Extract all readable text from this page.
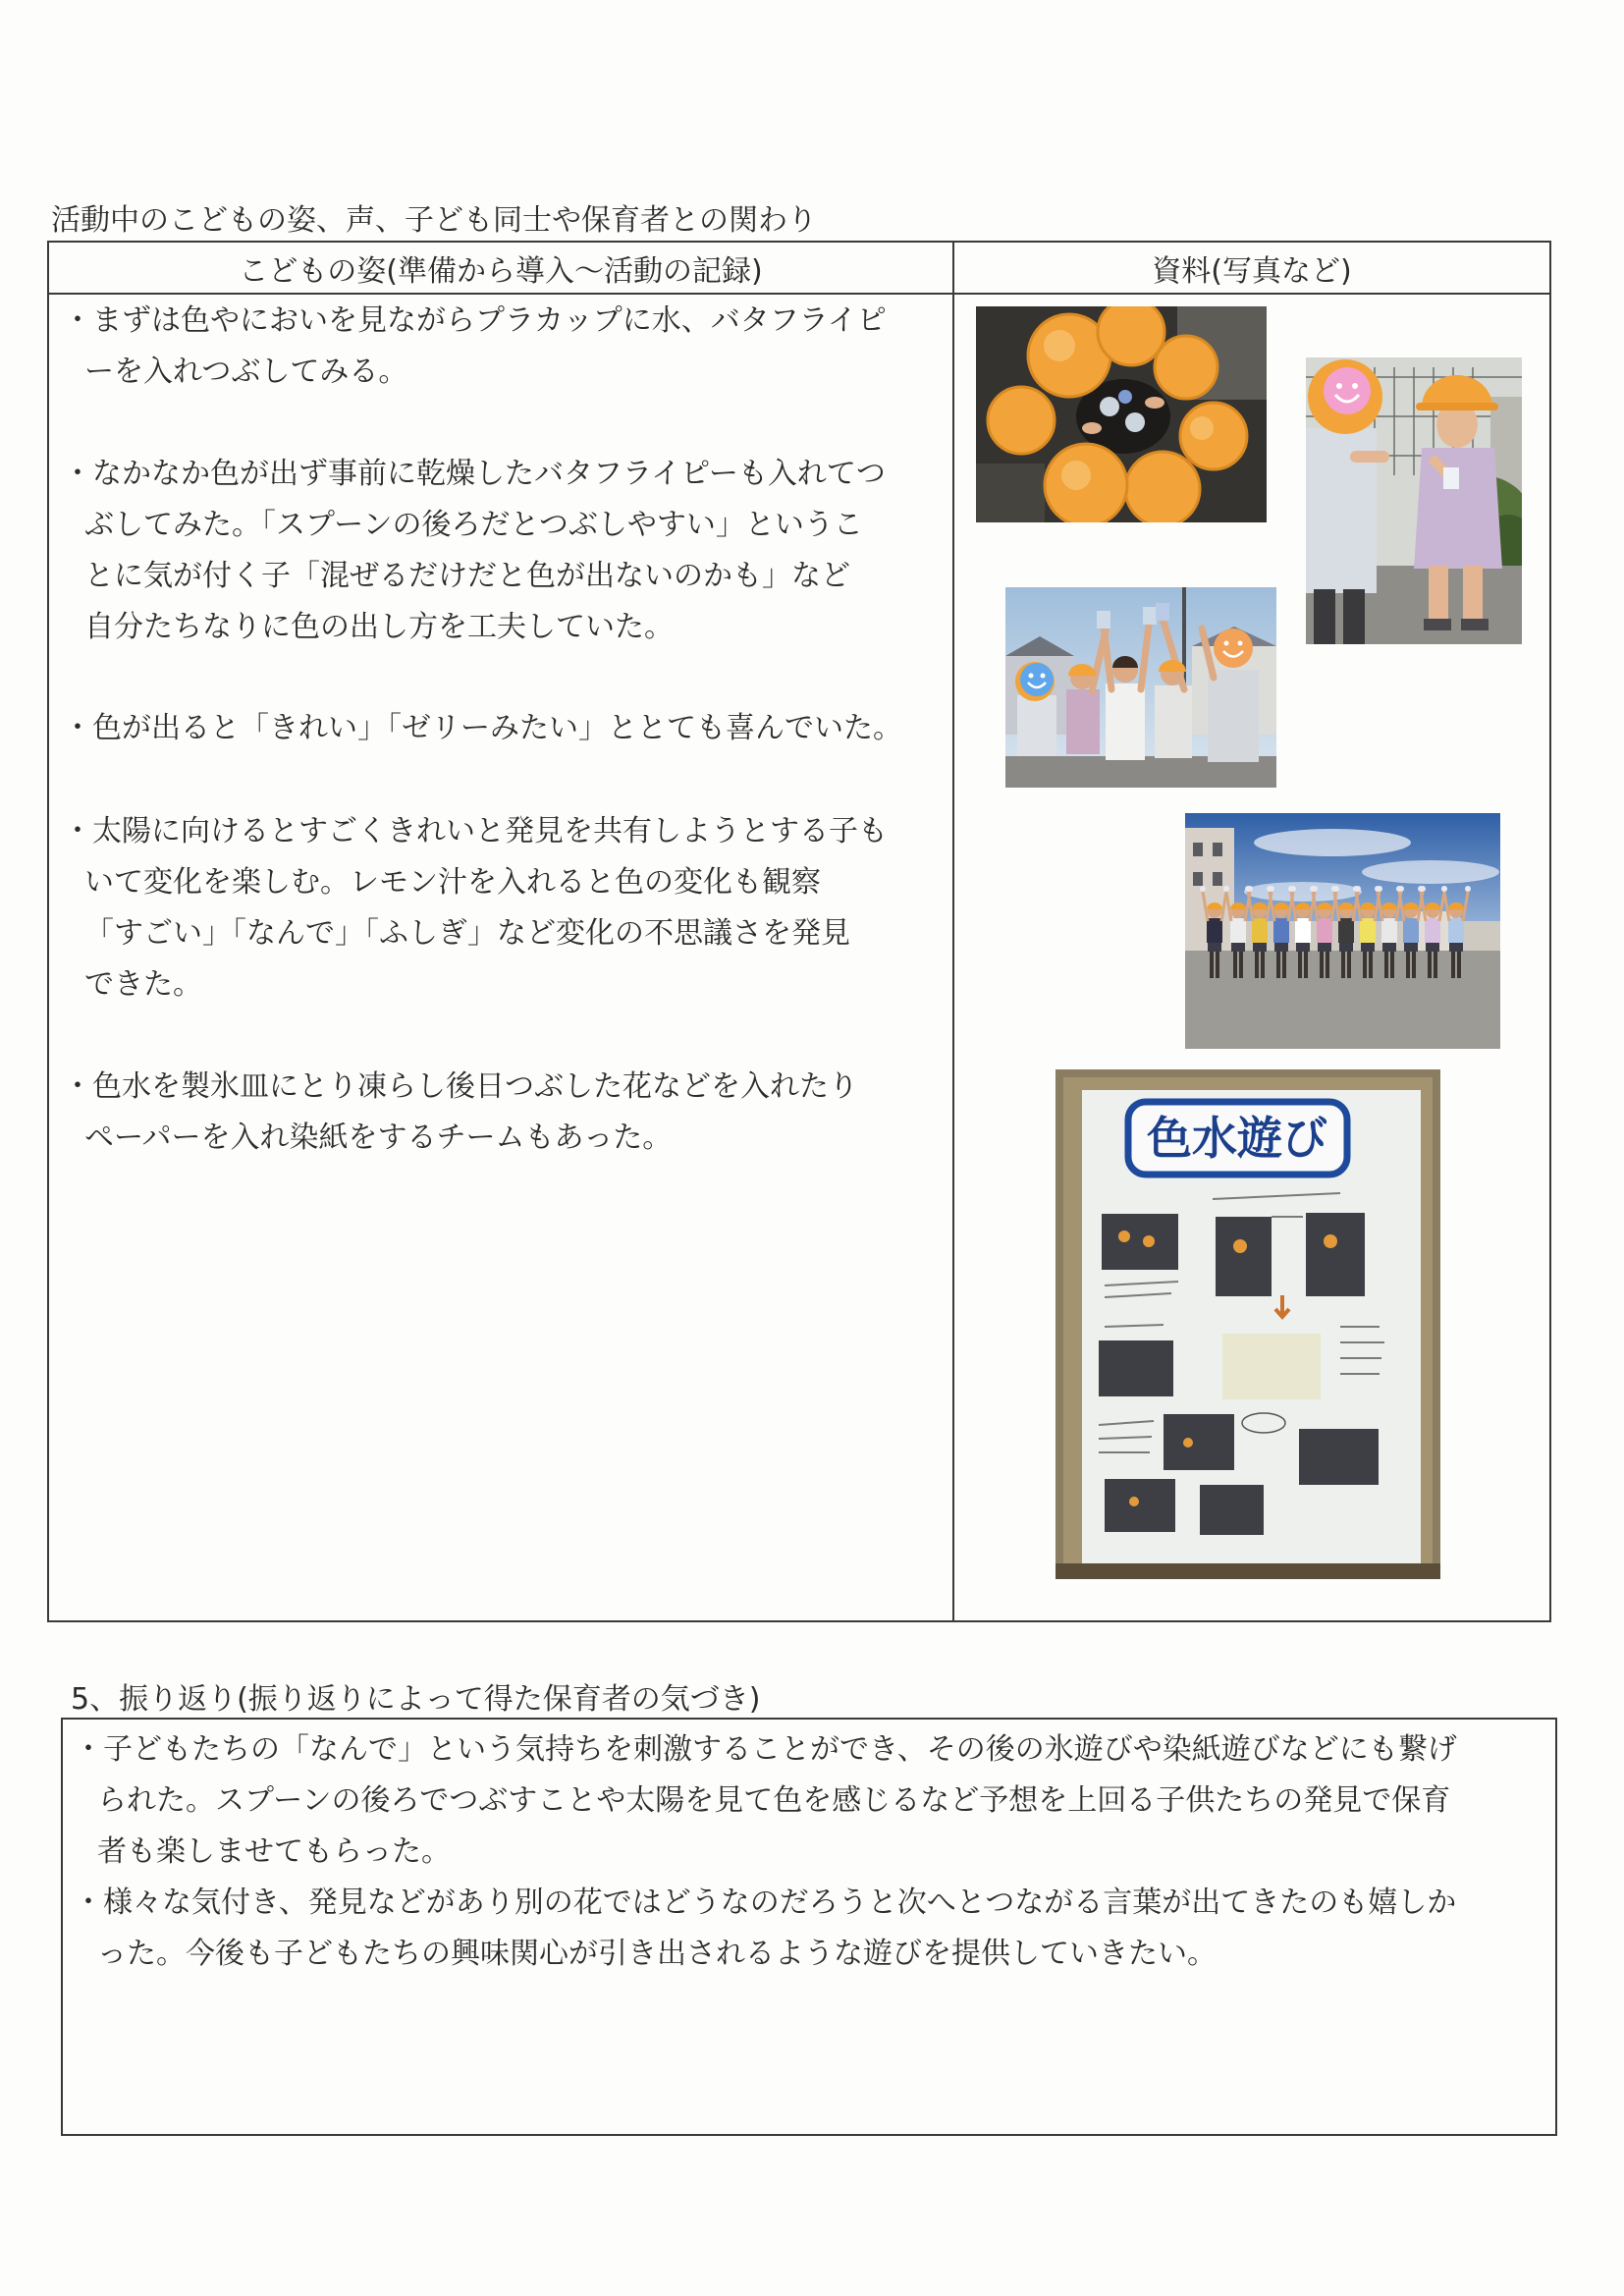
活動中のこどもの姿、声、子ども同士や保育者との関わり
こどもの姿(準備から導入～活動の記録)	資料(写真など)
・まずは色やにおいを見ながらプラカップに水、バタフライピ
ーを入れつぶしてみる。
・なかなか色が出ず事前に乾燥したバタフライピーも入れてつ
ぶしてみた。「スプーンの後ろだとつぶしやすい」というこ
とに気が付く子「混ぜるだけだと色が出ないのかも」など
自分たちなりに色の出し方を工夫していた。
・色が出ると「きれい」「ゼリーみたい」ととても喜んでいた。
・太陽に向けるとすごくきれいと発見を共有しようとする子も
いて変化を楽しむ。レモン汁を入れると色の変化も観察
「すごい」「なんで」「ふしぎ」など変化の不思議さを発見
できた。
・色水を製氷皿にとり凍らし後日つぶした花などを入れたり
ペーパーを入れ染紙をするチームもあった。	色水遊び
5、振り返り(振り返りによって得た保育者の気づき)
・子どもたちの「なんで」という気持ちを刺激することができ、その後の氷遊びや染紙遊びなどにも繋げ
られた。スプーンの後ろでつぶすことや太陽を見て色を感じるなど予想を上回る子供たちの発見で保育
者も楽しませてもらった。
・様々な気付き、発見などがあり別の花ではどうなのだろうと次へとつながる言葉が出てきたのも嬉しか
った。今後も子どもたちの興味関心が引き出されるような遊びを提供していきたい。
